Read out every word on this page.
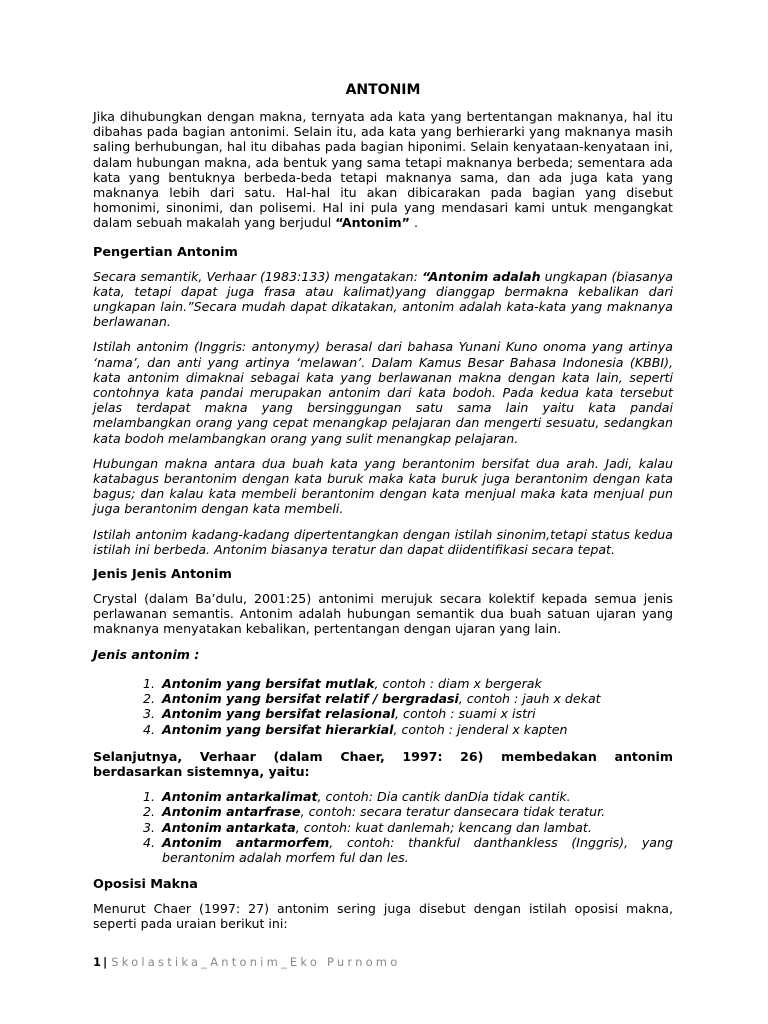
ANTONIM

Jika dihubungkan dengan makna, ternyata ada kata yang bertentangan maknanya, hal itu dibahas pada bagian antonimi. Selain itu, ada kata yang berhierarki yang maknanya masih saling berhubungan, hal itu dibahas pada bagian hiponimi. Selain kenyataan-kenyataan ini, dalam hubungan makna, ada bentuk yang sama tetapi maknanya berbeda; sementara ada kata yang bentuknya berbeda-beda tetapi maknanya sama, dan ada juga kata yang maknanya lebih dari satu. Hal-hal itu akan dibicarakan pada bagian yang disebut homonimi, sinonimi, dan polisemi. Hal ini pula yang mendasari kami untuk mengangkat dalam sebuah makalah yang berjudul “Antonim” .

Pengertian Antonim

Secara semantik, Verhaar (1983:133) mengatakan: “Antonim adalah ungkapan (biasanya kata, tetapi dapat juga frasa atau kalimat)yang dianggap bermakna kebalikan dari ungkapan lain.”Secara mudah dapat dikatakan, antonim adalah kata-kata yang maknanya berlawanan.

Istilah antonim (Inggris: antonymy) berasal dari bahasa Yunani Kuno onoma yang artinya ‘nama’, dan anti yang artinya ‘melawan’. Dalam Kamus Besar Bahasa Indonesia (KBBI), kata antonim dimaknai sebagai kata yang berlawanan makna dengan kata lain, seperti contohnya kata pandai merupakan antonim dari kata bodoh. Pada kedua kata tersebut jelas terdapat makna yang bersinggungan satu sama lain yaitu kata pandai melambangkan orang yang cepat menangkap pelajaran dan mengerti sesuatu, sedangkan kata bodoh melambangkan orang yang sulit menangkap pelajaran.

Hubungan makna antara dua buah kata yang berantonim bersifat dua arah. Jadi, kalau katabagus berantonim dengan kata buruk maka kata buruk juga berantonim dengan kata bagus; dan kalau kata membeli berantonim dengan kata menjual maka kata menjual pun juga berantonim dengan kata membeli.

Istilah antonim kadang-kadang dipertentangkan dengan istilah sinonim,tetapi status kedua istilah ini berbeda. Antonim biasanya teratur dan dapat diidentifikasi secara tepat.

Jenis Jenis Antonim

Crystal (dalam Ba’dulu, 2001:25) antonimi merujuk secara kolektif kepada semua jenis perlawanan semantis. Antonim adalah hubungan semantik dua buah satuan ujaran yang maknanya menyatakan kebalikan, pertentangan dengan ujaran yang lain.

Jenis antonim :
1. Antonim yang bersifat mutlak, contoh : diam x bergerak
2. Antonim yang bersifat relatif / bergradasi, contoh : jauh x dekat
3. Antonim yang bersifat relasional, contoh : suami x istri
4. Antonim yang bersifat hierarkial, contoh : jenderal x kapten

Selanjutnya, Verhaar (dalam Chaer, 1997: 26) membedakan antonim berdasarkan sistemnya, yaitu:

1. Antonim antarkalimat, contoh: Dia cantik danDia tidak cantik.
2. Antonim antarfrase, contoh: secara teratur dansecara tidak teratur.
3. Antonim antarkata, contoh: kuat danlemah; kencang dan lambat.
4. Antonim antarmorfem, contoh: thankful danthankless (Inggris), yang berantonim adalah morfem ful dan les.
Oposisi Makna

Menurut Chaer (1997: 27) antonim sering juga disebut dengan istilah oposisi makna, seperti pada uraian berikut ini:

1 | Skolastika_Antonim_Eko Purnomo
